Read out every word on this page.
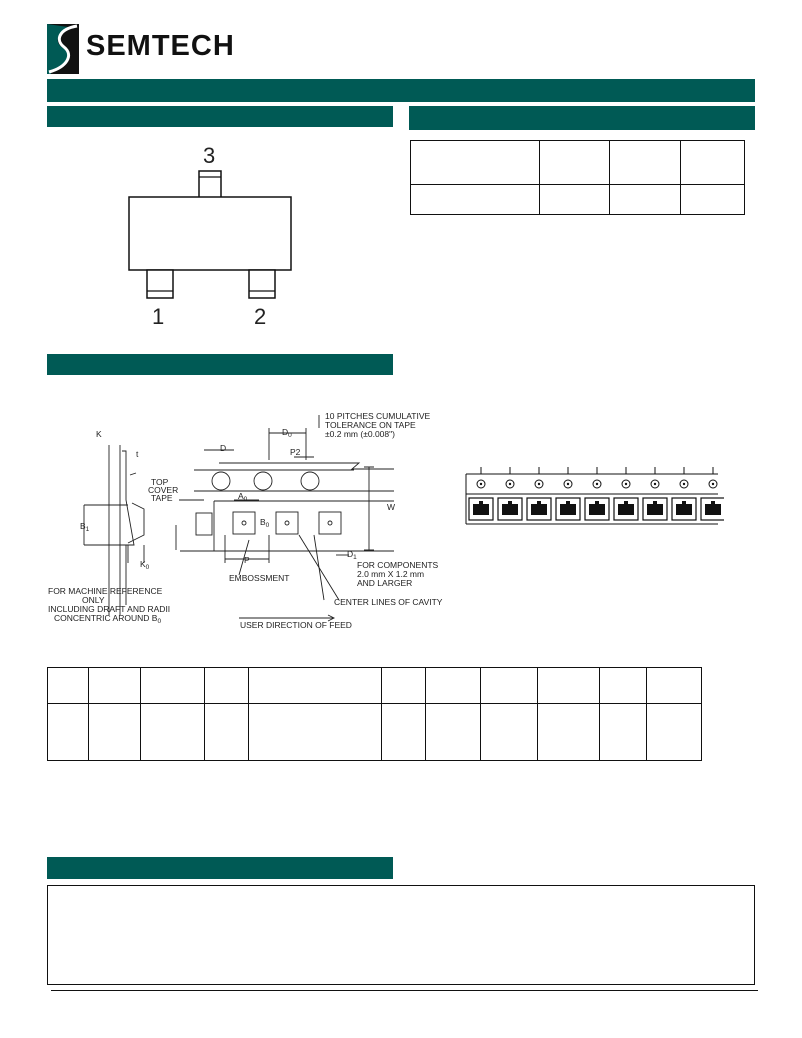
SEMTECH

3
1	2
K
t
TOP
COVER
TAPE
$B_1$
$K_0$
D
$D_0$
P2
10 PITCHES CUMULATIVE
TOLERANCE ON TAPE
±0.2 mm (±0.008")
$A_0$
$B_0$
W
P
$D_1$
FOR COMPONENTS
2.0 mm X 1.2 mm
AND LARGER
EMBOSSMENT
CENTER LINES OF CAVITY
FOR MACHINE REFERENCE
ONLY
INCLUDING DRAFT AND RADII
CONCENTRIC AROUND $B_0$	USER DIRECTION OF FEED
